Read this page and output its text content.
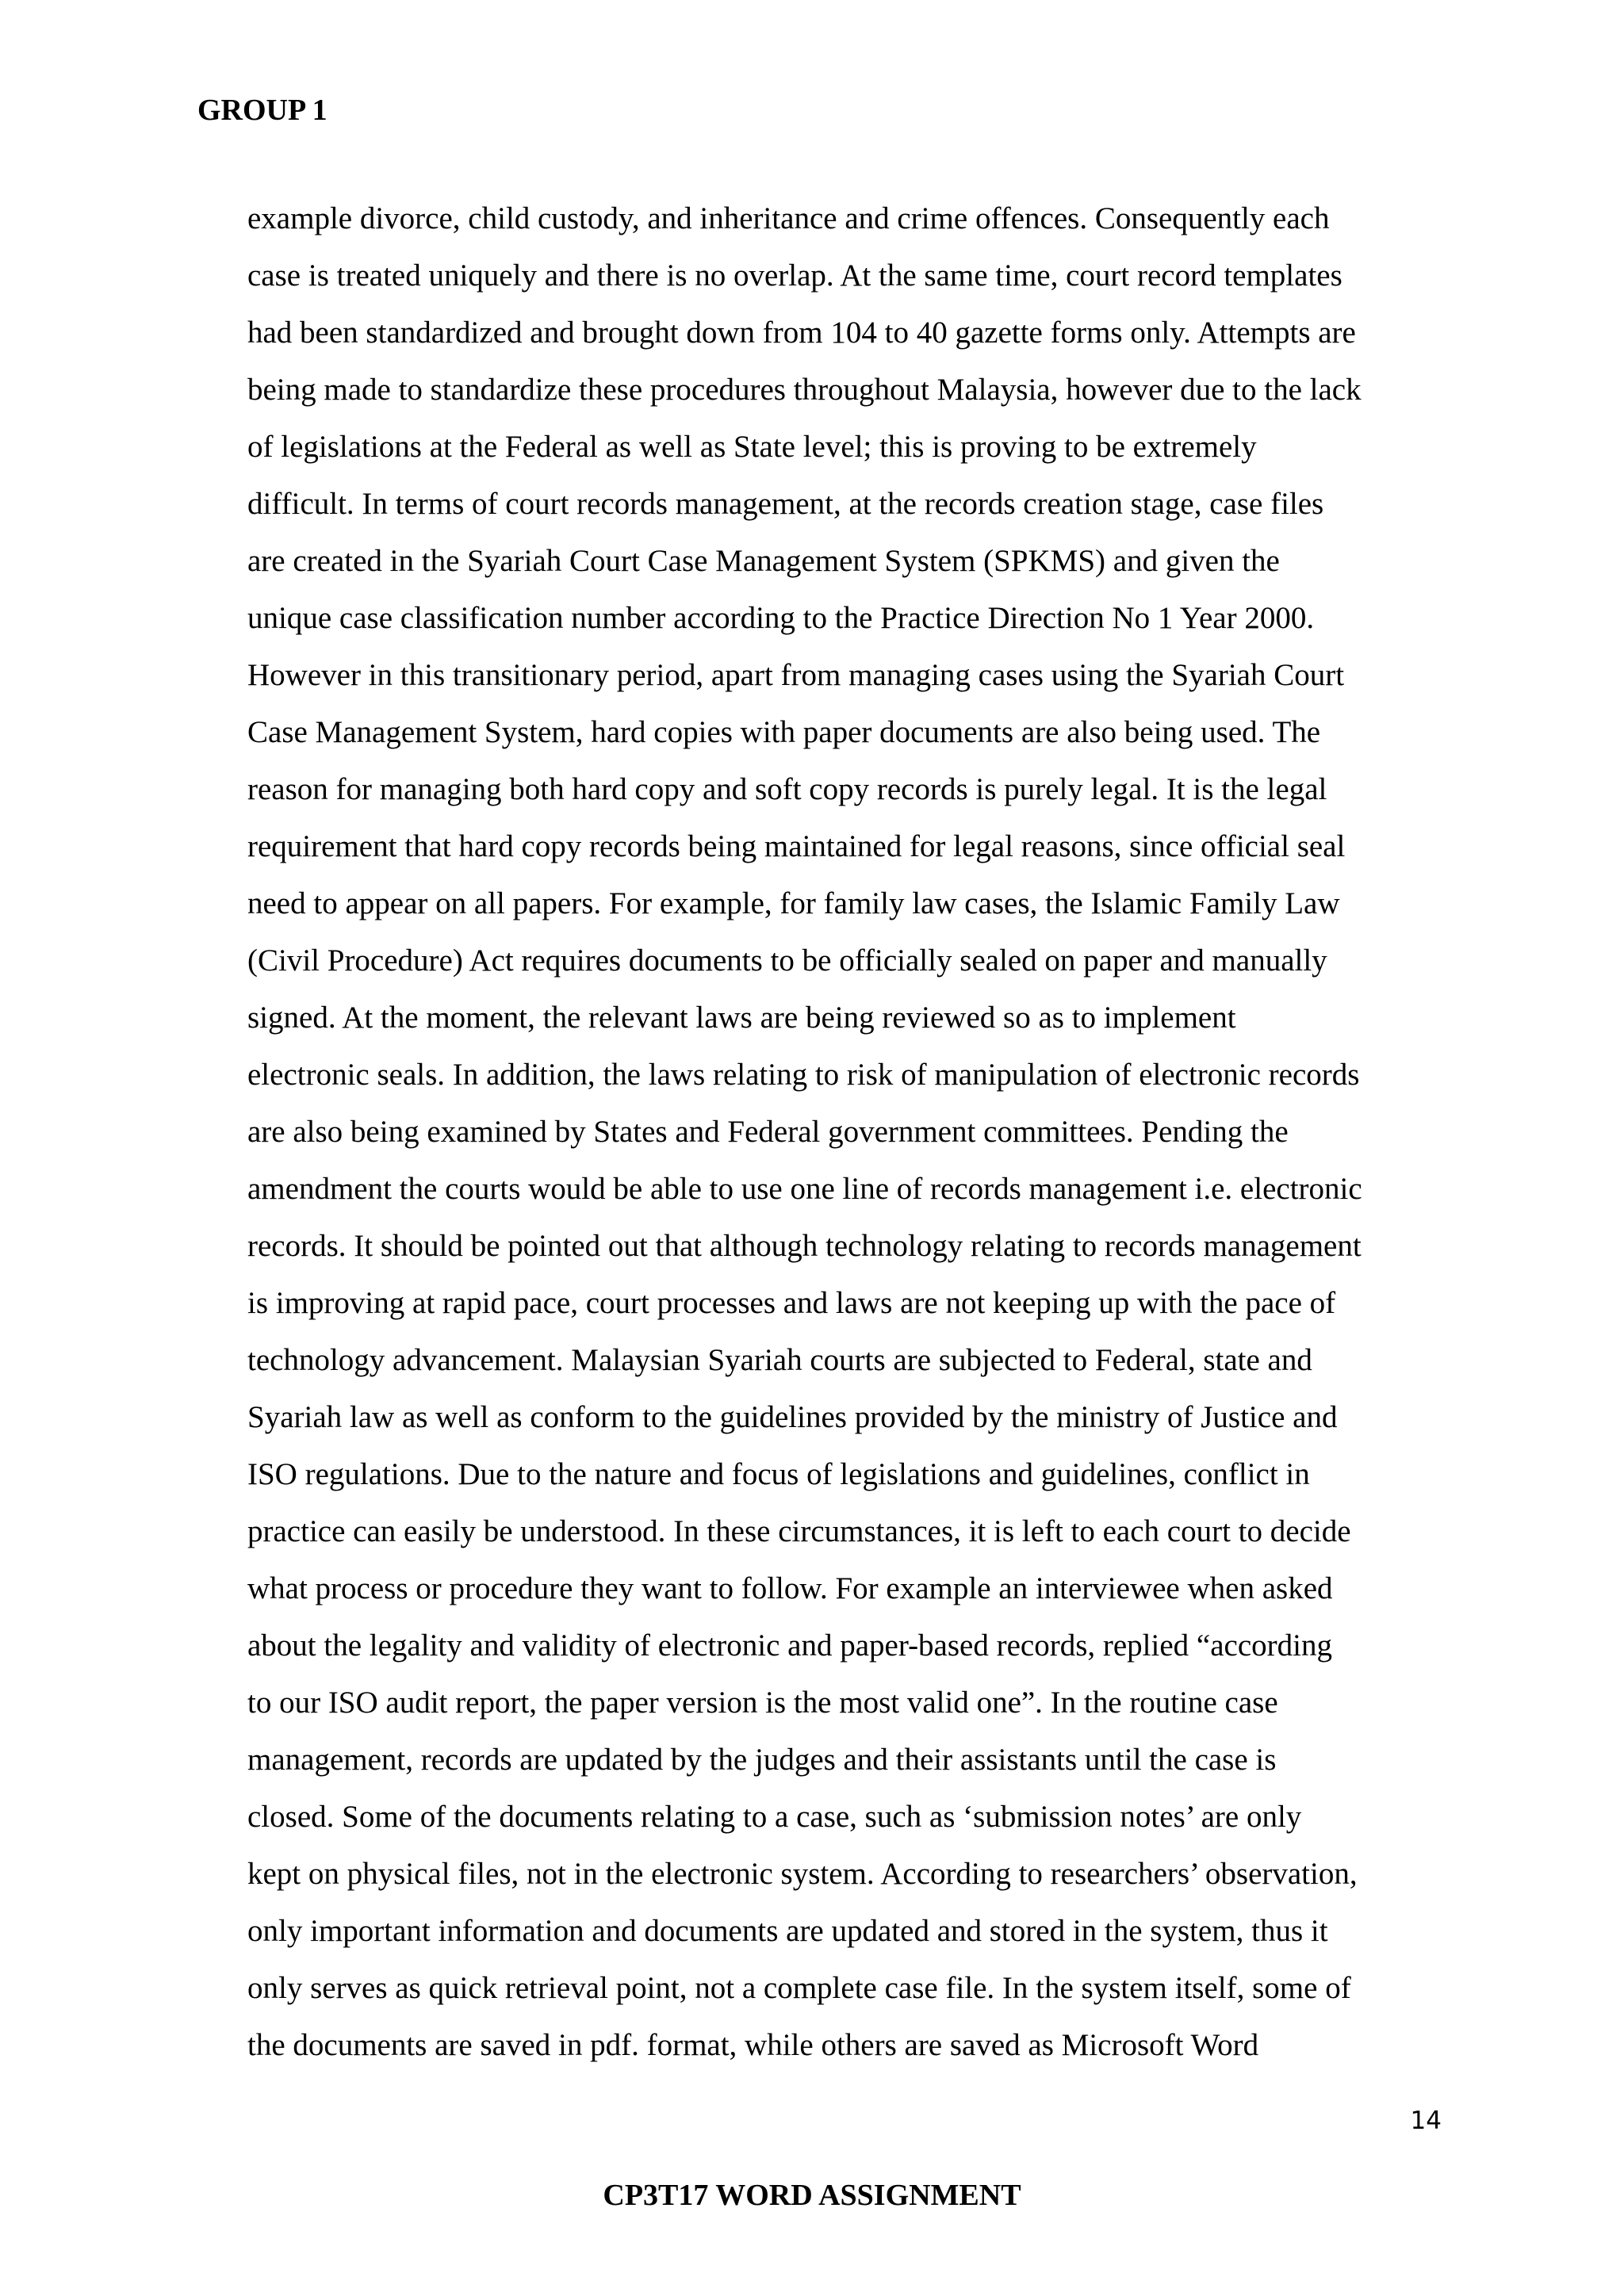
GROUP 1
example divorce, child custody, and inheritance and crime offences. Consequently each
case is treated uniquely and there is no overlap. At the same time, court record templates
had been standardized and brought down from 104 to 40 gazette forms only. Attempts are
being made to standardize these procedures throughout Malaysia, however due to the lack
of legislations at the Federal as well as State level; this is proving to be extremely
difficult. In terms of court records management, at the records creation stage, case files
are created in the Syariah Court Case Management System (SPKMS) and given the
unique case classification number according to the Practice Direction No 1 Year 2000.
However in this transitionary period, apart from managing cases using the Syariah Court
Case Management System, hard copies with paper documents are also being used. The
reason for managing both hard copy and soft copy records is purely legal. It is the legal
requirement that hard copy records being maintained for legal reasons, since official seal
need to appear on all papers. For example, for family law cases, the Islamic Family Law
(Civil Procedure) Act requires documents to be officially sealed on paper and manually
signed. At the moment, the relevant laws are being reviewed so as to implement
electronic seals. In addition, the laws relating to risk of manipulation of electronic records
are also being examined by States and Federal government committees. Pending the
amendment the courts would be able to use one line of records management i.e. electronic
records. It should be pointed out that although technology relating to records management
is improving at rapid pace, court processes and laws are not keeping up with the pace of
technology advancement. Malaysian Syariah courts are subjected to Federal, state and
Syariah law as well as conform to the guidelines provided by the ministry of Justice and
ISO regulations. Due to the nature and focus of legislations and guidelines, conflict in
practice can easily be understood. In these circumstances, it is left to each court to decide
what process or procedure they want to follow. For example an interviewee when asked
about the legality and validity of electronic and paper-based records, replied “according
to our ISO audit report, the paper version is the most valid one”. In the routine case
management, records are updated by the judges and their assistants until the case is
closed. Some of the documents relating to a case, such as ‘submission notes’ are only
kept on physical files, not in the electronic system. According to researchers’ observation,
only important information and documents are updated and stored in the system, thus it
only serves as quick retrieval point, not a complete case file. In the system itself, some of
the documents are saved in pdf. format, while others are saved as Microsoft Word
14
CP3T17 WORD ASSIGNMENT
